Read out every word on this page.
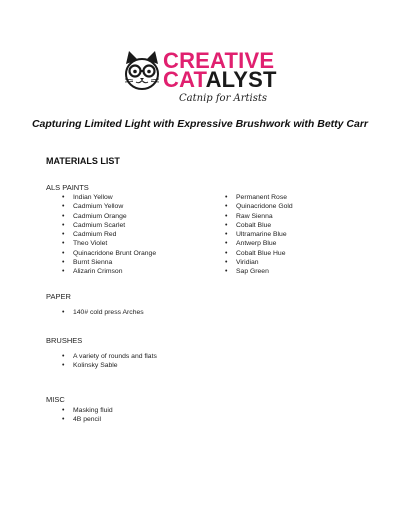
CREATIVE
CATALYST
Catnip for Artists
Capturing Limited Light with Expressive Brushwork with Betty Carr
MATERIALS LIST
ALS PAINTS
• Indian Yellow
• Cadmium Yellow
• Cadmium Orange
• Cadmium Scarlet
• Cadmium Red
• Theo Violet
• Quinacridone Brunt Orange
• Burnt Sienna
• Alizarin Crimson
• Permanent Rose
• Quinacridone Gold
• Raw Sienna
• Cobalt Blue
• Ultramarine Blue
• Antwerp Blue
• Cobalt Blue Hue
• Viridian
• Sap Green
PAPER
• 140# cold press Arches
BRUSHES
• A variety of rounds and flats
• Kolinsky Sable
MISC
• Masking fluid
• 4B pencil
